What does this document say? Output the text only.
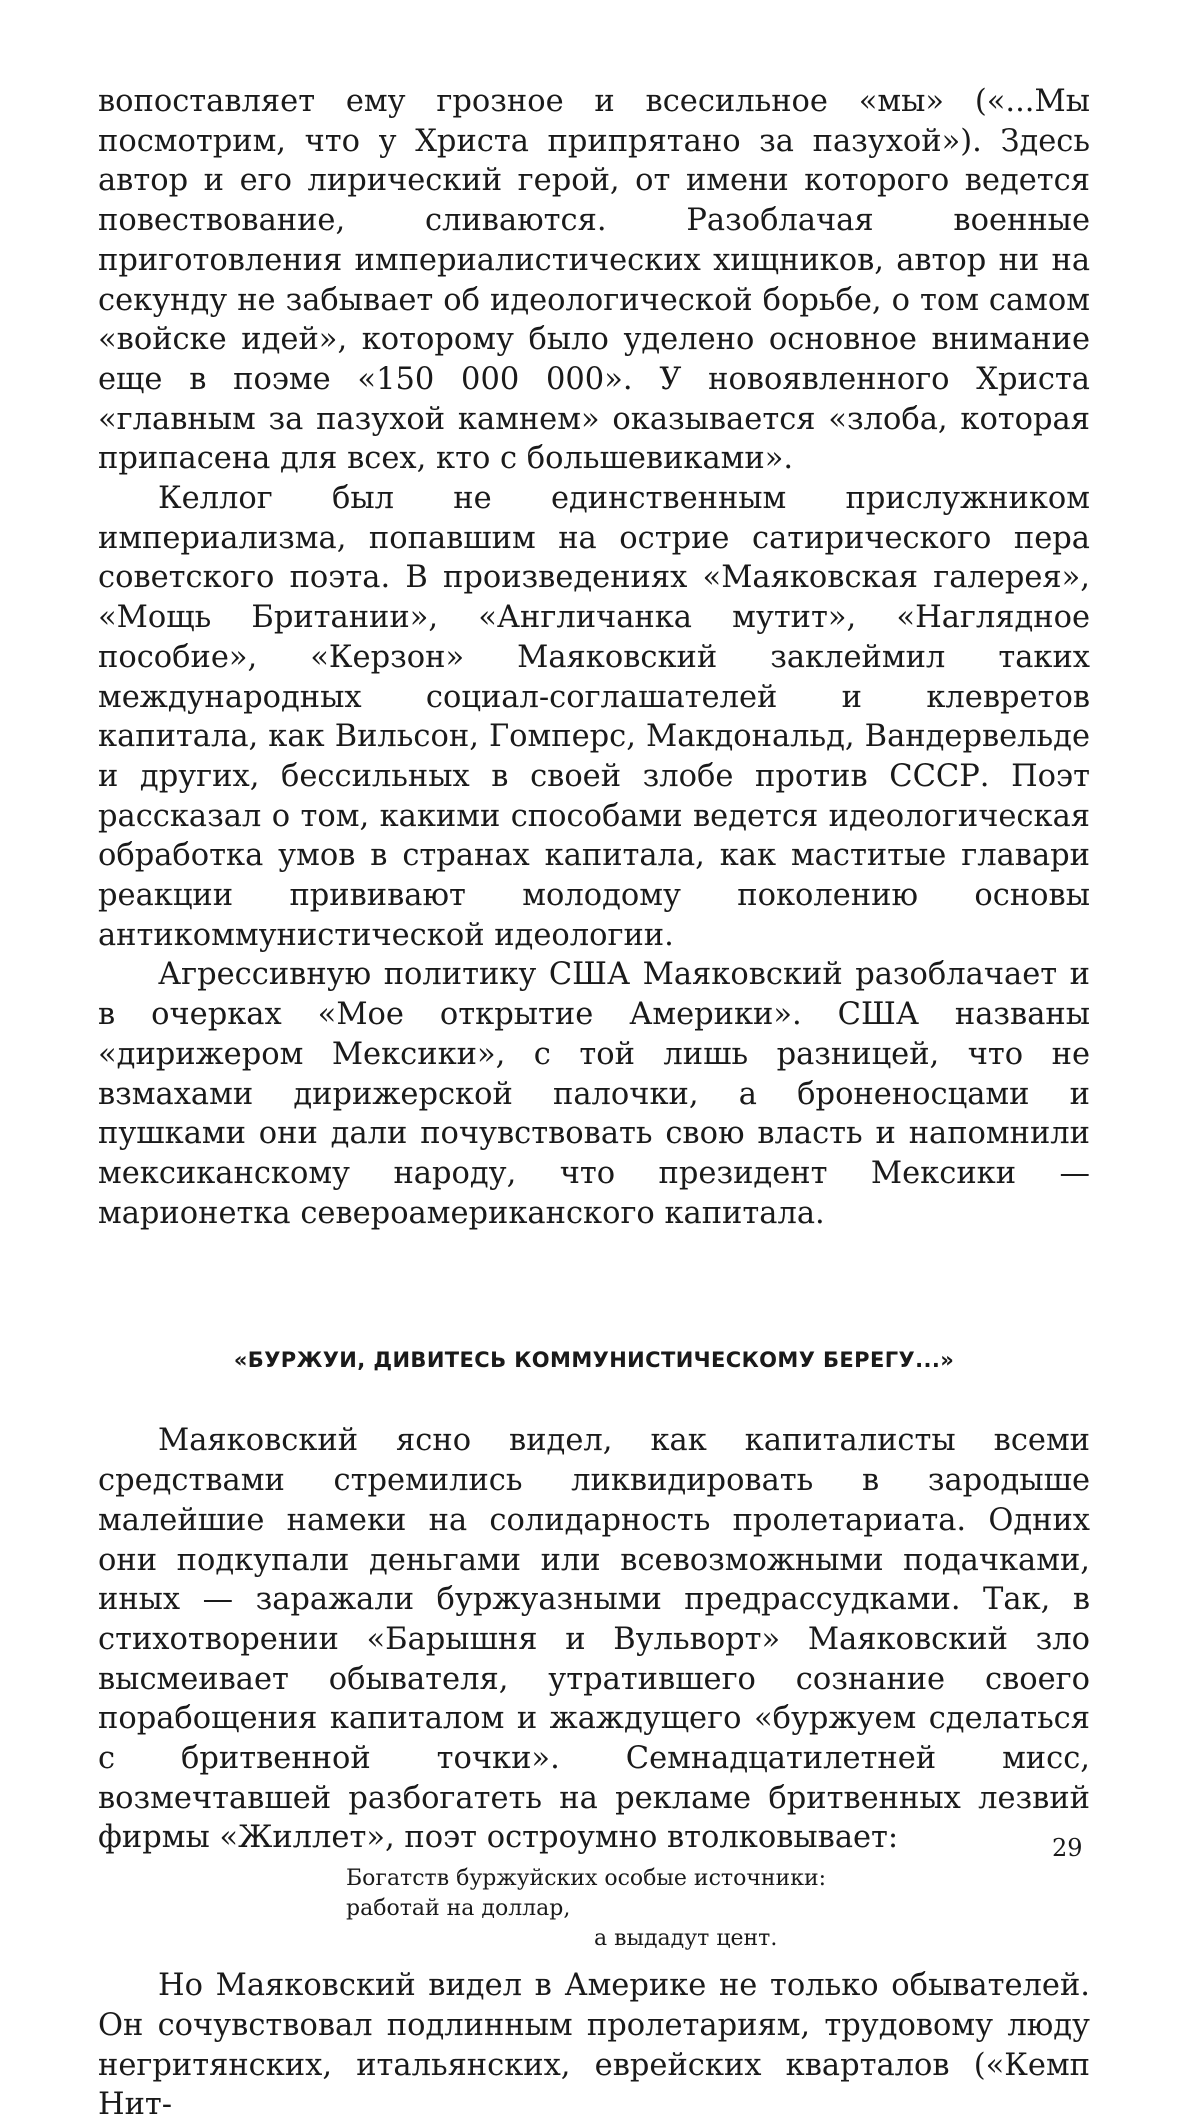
вопоставляет ему грозное и всесильное «мы» («...Мы посмотрим, что у Христа припрятано за пазухой»). Здесь автор и его лирический герой, от имени которого ведется повествование, сливаются. Разоблачая военные приготовления империалистических хищников, автор ни на секунду не забывает об идеологической борьбе, о том самом «войске идей», которому было уделено основное внимание еще в поэме «150 000 000». У новоявленного Христа «главным за пазухой камнем» оказывается «злоба, которая припасена для всех, кто с большевиками».

Келлог был не единственным прислужником империализма, попавшим на острие сатирического пера советского поэта. В произведениях «Маяковская галерея», «Мощь Британии», «Англичанка мутит», «Наглядное пособие», «Керзон» Маяковский заклеймил таких международных социал-соглашателей и клевретов капитала, как Вильсон, Гомперс, Макдональд, Вандервельде и других, бессильных в своей злобе против СССР. Поэт рассказал о том, какими способами ведется идеологическая обработка умов в странах капитала, как маститые главари реакции прививают молодому поколению основы антикоммунистической идеологии.

Агрессивную политику США Маяковский разоблачает и в очерках «Мое открытие Америки». США названы «дирижером Мексики», с той лишь разницей, что не взмахами дирижерской палочки, а броненосцами и пушками они дали почувствовать свою власть и напомнили мексиканскому народу, что президент Мексики — марионетка североамериканского капитала.

«БУРЖУИ, ДИВИТЕСЬ КОММУНИСТИЧЕСКОМУ БЕРЕГУ...»

Маяковский ясно видел, как капиталисты всеми средствами стремились ликвидировать в зародыше малейшие намеки на солидарность пролетариата. Одних они подкупали деньгами или всевозможными подачками, иных — заражали буржуазными предрассудками. Так, в стихотворении «Барышня и Вульворт» Маяковский зло высмеивает обывателя, утратившего сознание своего порабощения капиталом и жаждущего «буржуем сделаться с бритвенной точки». Семнадцатилетней мисс, возмечтавшей разбогатеть на рекламе бритвенных лезвий фирмы «Жиллет», поэт остроумно втолковывает:

Богатств буржуйских особые источники:
работай на доллар,
а выдадут цент.

Но Маяковский видел в Америке не только обывателей. Он сочувствовал подлинным пролетариям, трудовому люду негритянских, итальянских, еврейских кварталов («Кемп Нит-

29
